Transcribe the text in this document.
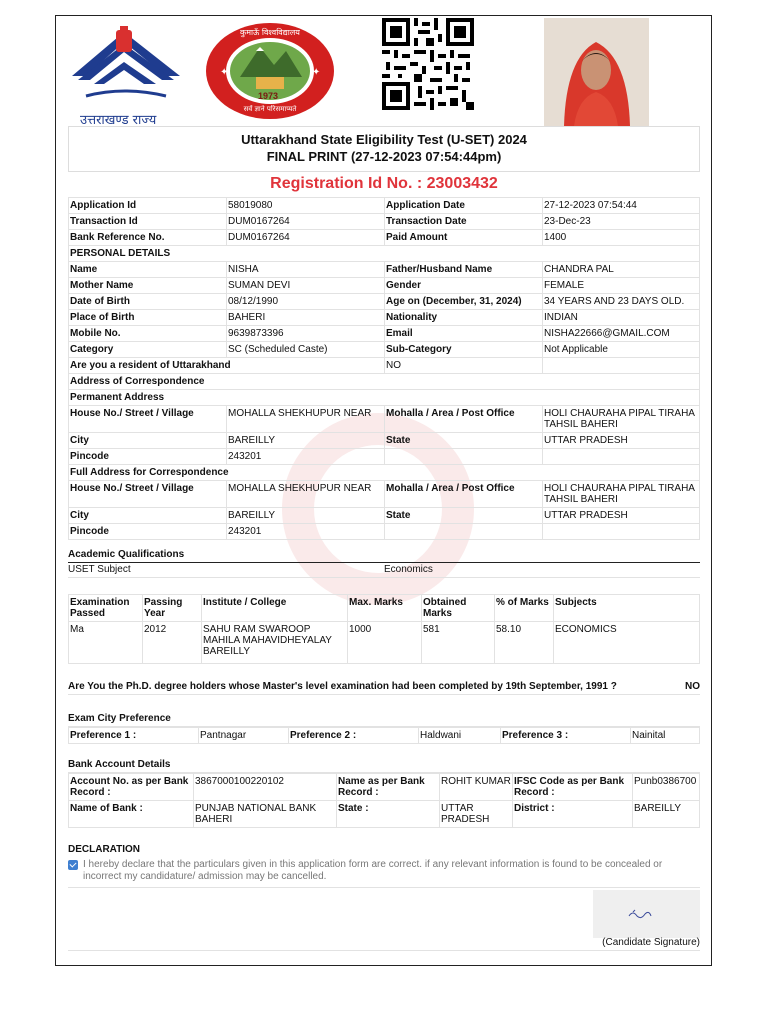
उत्तराखण्ड राज्य
✦	✦
1973
कुमाऊँ विश्वविद्यालय
सर्वं ज्ञाने परिसमाप्यते
Uttarakhand State Eligibility Test (U-SET) 2024
FINAL PRINT (27-12-2023 07:54:44pm)
Registration Id No. : 23003432
Application Id	58019080	Application Date	27-12-2023 07:54:44
Transaction Id	DUM0167264	Transaction Date	23-Dec-23
Bank Reference No.	DUM0167264	Paid Amount	1400
PERSONAL DETAILS			
Name	NISHA	Father/Husband Name	CHANDRA PAL
Mother Name	SUMAN DEVI	Gender	FEMALE
Date of Birth	08/12/1990	Age on (December, 31, 2024)	34 YEARS AND 23 DAYS OLD.
Place of Birth	BAHERI	Nationality	INDIAN
Mobile No.	9639873396	Email	NISHA22666@GMAIL.COM
Category	SC (Scheduled Caste)	Sub-Category	Not Applicable
Are you a resident of Uttarakhand		NO	
Address of Correspondence			
Permanent Address			
House No./ Street / Village	MOHALLA SHEKHUPUR NEAR	Mohalla / Area / Post Office	HOLI CHAURAHA PIPAL TIRAHA TAHSIL BAHERI
City	BAREILLY	State	UTTAR PRADESH
Pincode	243201		
Full Address for Correspondence			
House No./ Street / Village	MOHALLA SHEKHUPUR NEAR	Mohalla / Area / Post Office	HOLI CHAURAHA PIPAL TIRAHA TAHSIL BAHERI
City	BAREILLY	State	UTTAR PRADESH
Pincode	243201		
Academic Qualifications
USET Subject	Economics
Examination Passed	Passing Year	Institute / College	Max. Marks	Obtained Marks	% of Marks	Subjects
Ma	2012	SAHU RAM SWAROOP MAHILA MAHAVIDHEYALAY BAREILLY	1000	581	58.10	ECONOMICS
Are You the Ph.D. degree holders whose Master's level examination had been completed by 19th September, 1991 ?	NO
Exam City Preference
Preference 1 :	Pantnagar	Preference 2 :	Haldwani	Preference 3 :	Nainital
Bank Account Details
Account No. as per Bank Record :	3867000100220102	Name as per Bank Record :	ROHIT KUMAR	IFSC Code as per Bank Record :	Punb0386700
Name of Bank :	PUNJAB NATIONAL BANK BAHERI	State :	UTTAR PRADESH	District :	BAREILLY
DECLARATION
I hereby declare that the particulars given in this application form are correct. if any relevant information is found to be concealed or incorrect my candidature/ admission may be cancelled.
(Candidate Signature)
